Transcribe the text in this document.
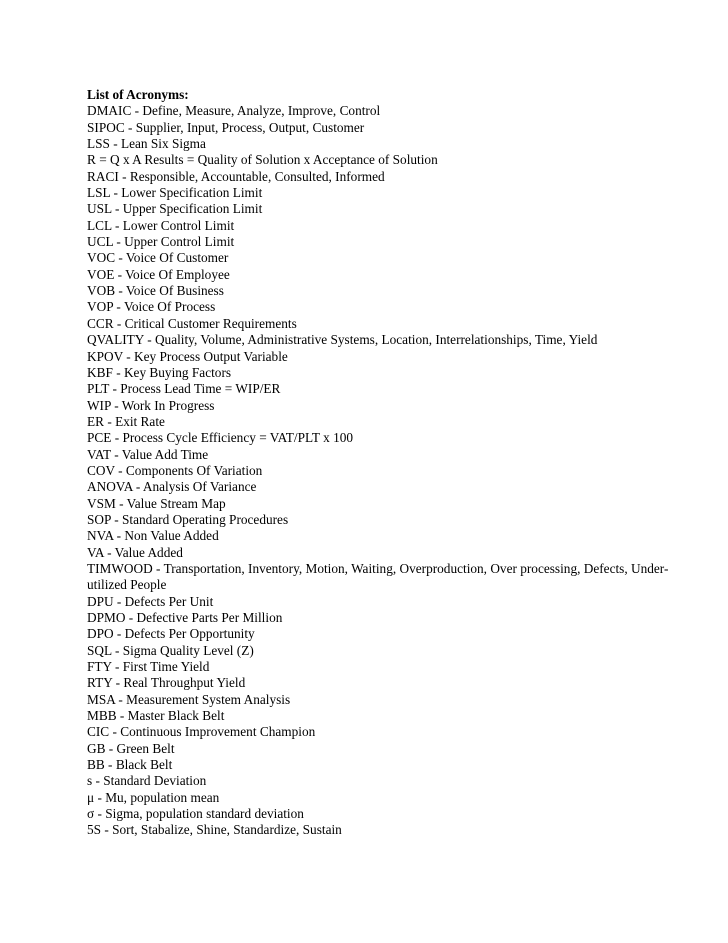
List of Acronyms:

DMAIC - Define, Measure, Analyze, Improve, Control
SIPOC - Supplier, Input, Process, Output, Customer
LSS - Lean Six Sigma
R = Q x A Results = Quality of Solution x Acceptance of Solution
RACI - Responsible, Accountable, Consulted, Informed
LSL - Lower Specification Limit
USL - Upper Specification Limit
LCL - Lower Control Limit
UCL - Upper Control Limit
VOC - Voice Of Customer
VOE - Voice Of Employee
VOB - Voice Of Business
VOP - Voice Of Process
CCR - Critical Customer Requirements
QVALITY - Quality, Volume, Administrative Systems, Location, Interrelationships, Time, Yield
KPOV - Key Process Output Variable
KBF - Key Buying Factors
PLT - Process Lead Time = WIP/ER
WIP - Work In Progress
ER - Exit Rate
PCE - Process Cycle Efficiency = VAT/PLT x 100
VAT - Value Add Time
COV - Components Of Variation
ANOVA - Analysis Of Variance
VSM - Value Stream Map
SOP - Standard Operating Procedures
NVA - Non Value Added
VA - Value Added
TIMWOOD - Transportation, Inventory, Motion, Waiting, Overproduction, Over processing, Defects, Under-utilized People
DPU - Defects Per Unit
DPMO - Defective Parts Per Million
DPO - Defects Per Opportunity
SQL - Sigma Quality Level (Z)
FTY - First Time Yield
RTY - Real Throughput Yield
MSA - Measurement System Analysis
MBB - Master Black Belt
CIC - Continuous Improvement Champion
GB - Green Belt
BB - Black Belt
s - Standard Deviation
μ - Mu, population mean
σ - Sigma, population standard deviation
5S - Sort, Stabalize, Shine, Standardize, Sustain
